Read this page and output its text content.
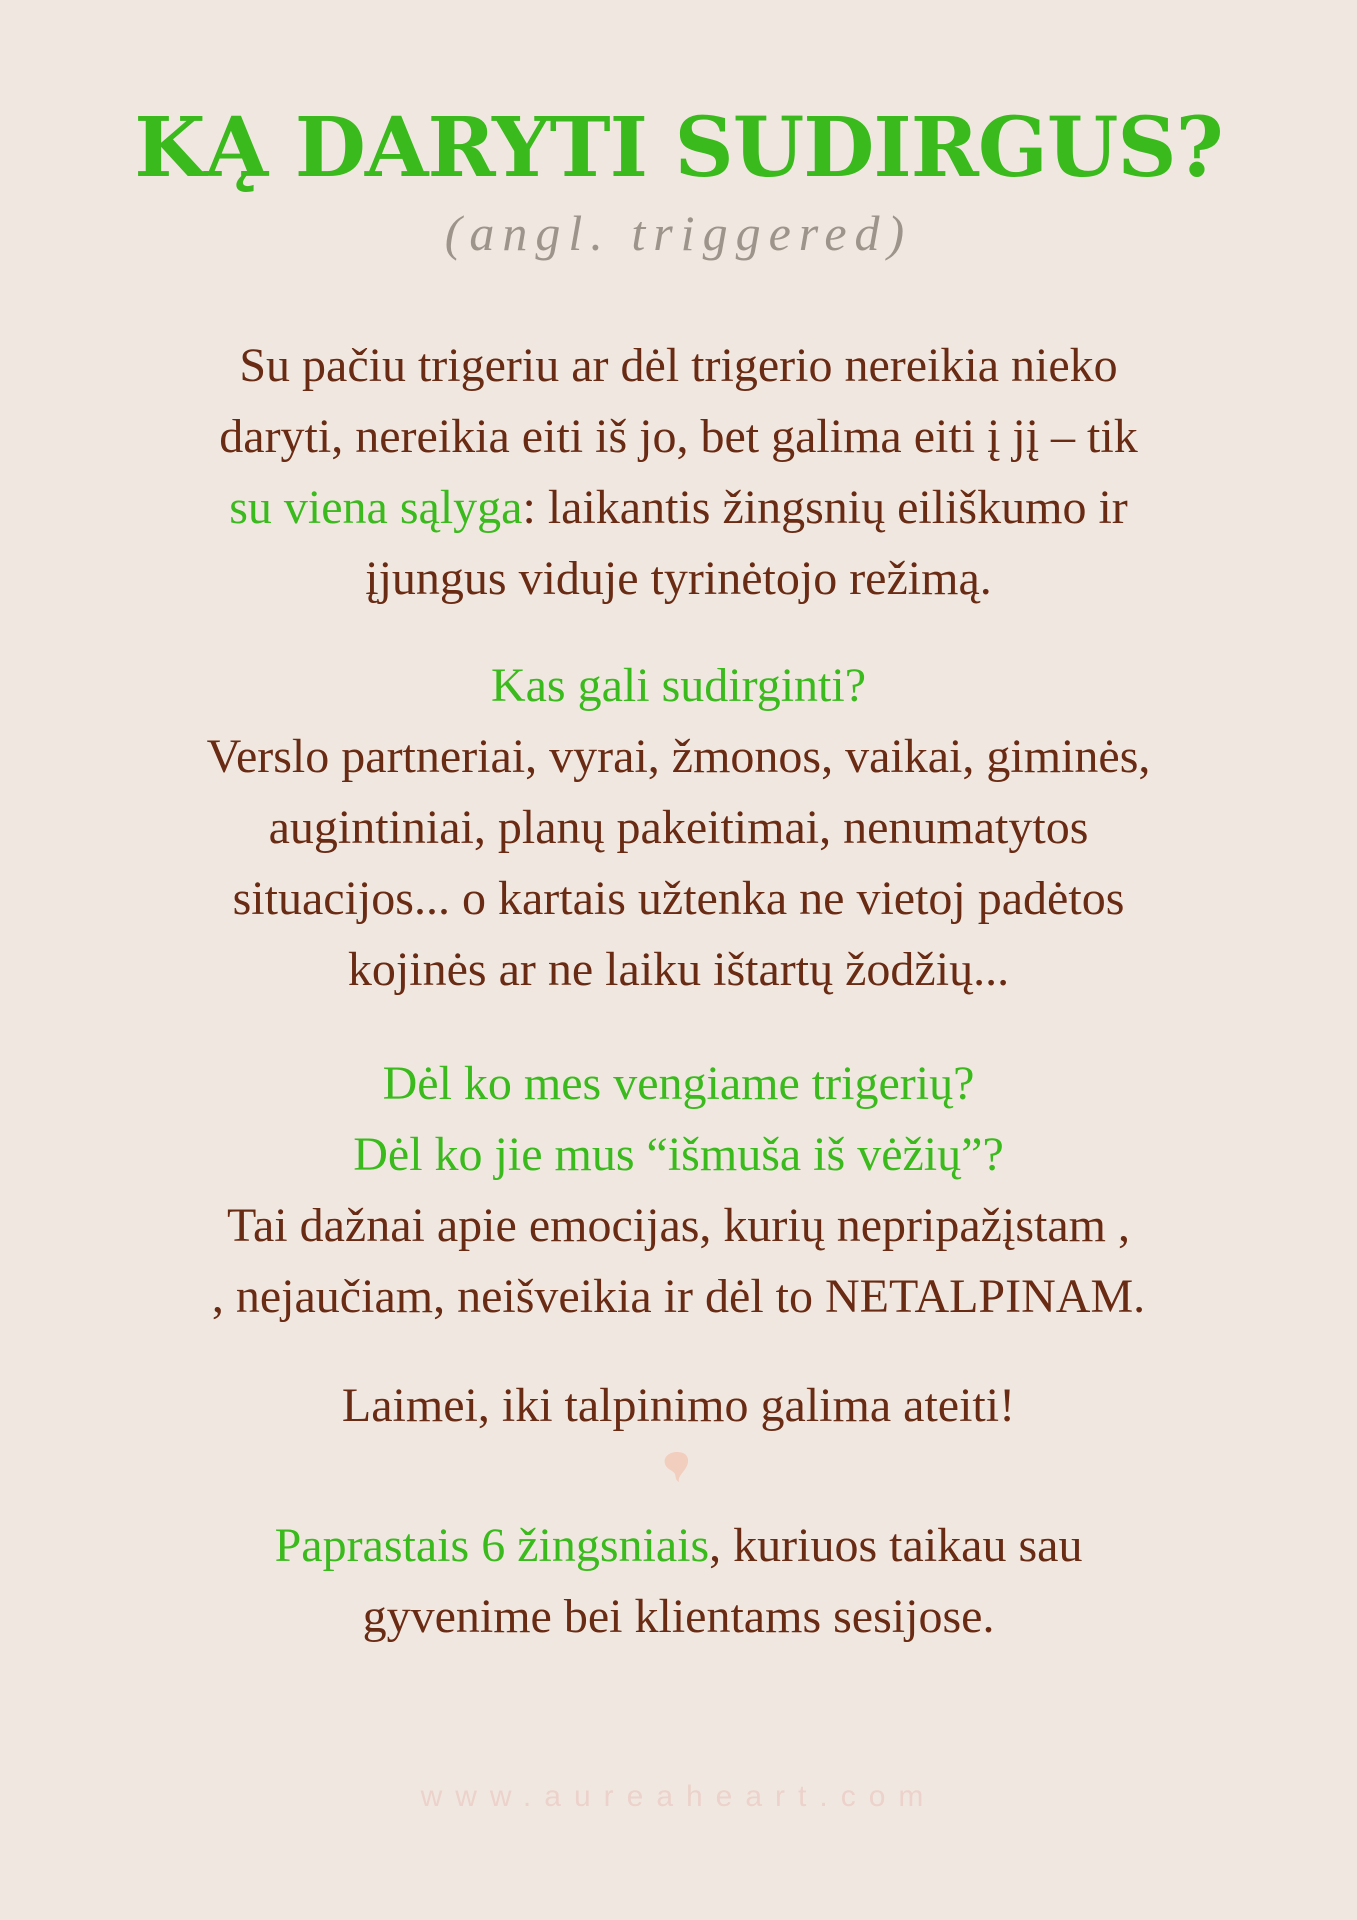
KĄ DARYTI SUDIRGUS?

(angl. triggered)

Su pačiu trigeriu ar dėl trigerio nereikia nieko
daryti, nereikia eiti iš jo, bet galima eiti į jį – tik
su viena sąlyga: laikantis žingsnių eiliškumo ir
įjungus viduje tyrinėtojo režimą.

Kas gali sudirginti?
Verslo partneriai, vyrai, žmonos, vaikai, giminės,
augintiniai, planų pakeitimai, nenumatytos
situacijos... o kartais užtenka ne vietoj padėtos
kojinės ar ne laiku ištartų žodžių...

Dėl ko mes vengiame trigerių?
Dėl ko jie mus “išmuša iš vėžių”?
Tai dažnai apie emocijas, kurių nepripažįstam ,
, nejaučiam, neišveikia ir dėl to NETALPINAM.

Laimei, iki talpinimo galima ateiti!

Paprastais 6 žingsniais, kuriuos taikau sau
gyvenime bei klientams sesijose.

www.aureaheart.com
